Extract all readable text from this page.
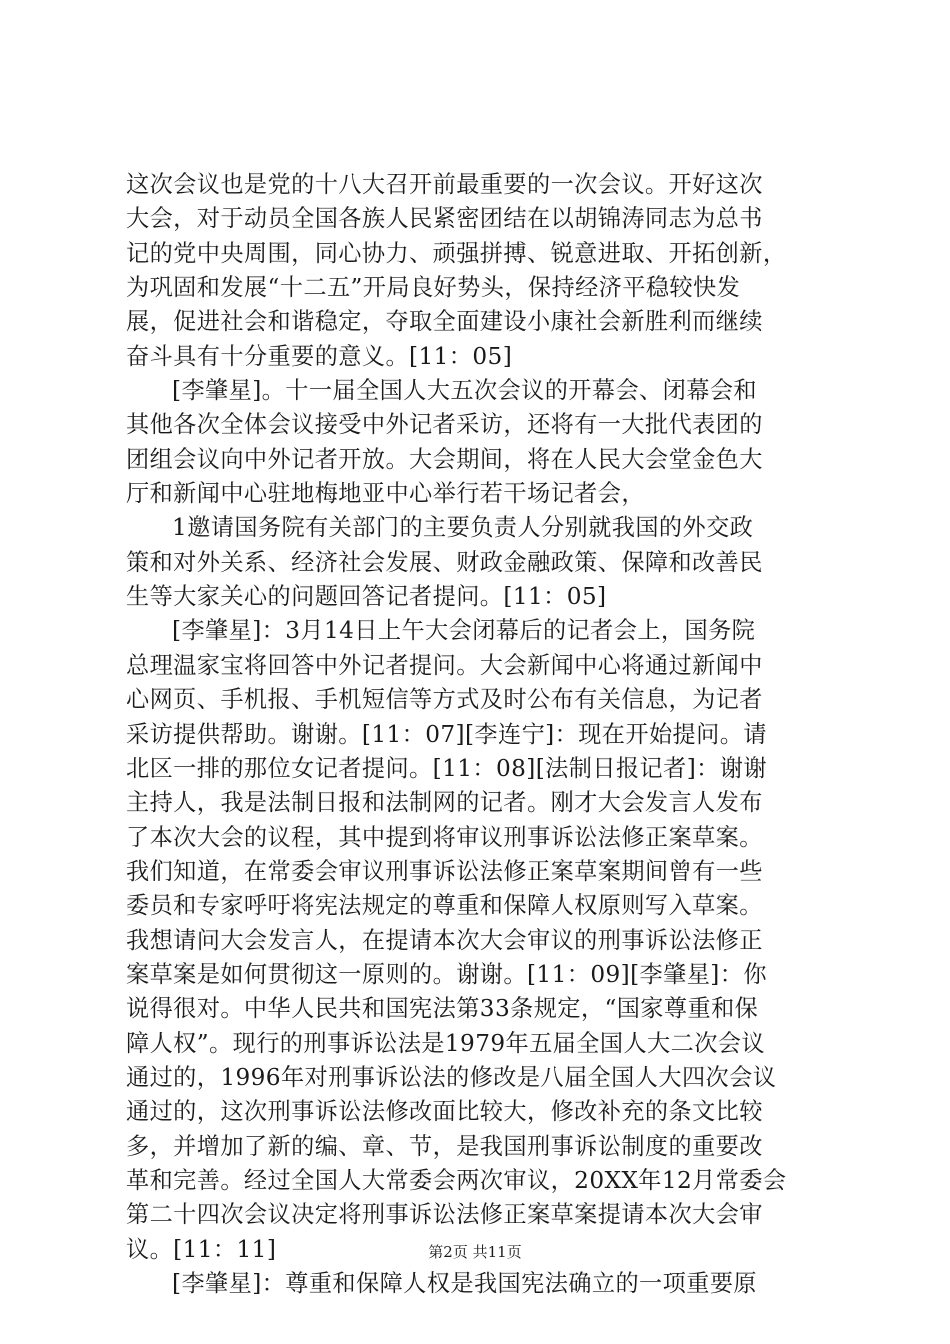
这次会议也是党的十八大召开前最重要的一次会议。开好这次
大会，对于动员全国各族人民紧密团结在以胡锦涛同志为总书
记的党中央周围，同心协力、顽强拼搏、锐意进取、开拓创新，
为巩固和发展“十二五”开局良好势头，保持经济平稳较快发
展，促进社会和谐稳定，夺取全面建设小康社会新胜利而继续
奋斗具有十分重要的意义。[11：05]
[李肇星]。十一届全国人大五次会议的开幕会、闭幕会和
其他各次全体会议接受中外记者采访，还将有一大批代表团的
团组会议向中外记者开放。大会期间，将在人民大会堂金色大
厅和新闻中心驻地梅地亚中心举行若干场记者会，
1邀请国务院有关部门的主要负责人分别就我国的外交政
策和对外关系、经济社会发展、财政金融政策、保障和改善民
生等大家关心的问题回答记者提问。[11：05]
[李肇星]：3月14日上午大会闭幕后的记者会上，国务院
总理温家宝将回答中外记者提问。大会新闻中心将通过新闻中
心网页、手机报、手机短信等方式及时公布有关信息，为记者
采访提供帮助。谢谢。[11：07][李连宁]：现在开始提问。请
北区一排的那位女记者提问。[11：08][法制日报记者]：谢谢
主持人，我是法制日报和法制网的记者。刚才大会发言人发布
了本次大会的议程，其中提到将审议刑事诉讼法修正案草案。
我们知道，在常委会审议刑事诉讼法修正案草案期间曾有一些
委员和专家呼吁将宪法规定的尊重和保障人权原则写入草案。
我想请问大会发言人，在提请本次大会审议的刑事诉讼法修正
案草案是如何贯彻这一原则的。谢谢。[11：09][李肇星]：你
说得很对。中华人民共和国宪法第33条规定，“国家尊重和保
障人权”。现行的刑事诉讼法是1979年五届全国人大二次会议
通过的，1996年对刑事诉讼法的修改是八届全国人大四次会议
通过的，这次刑事诉讼法修改面比较大，修改补充的条文比较
多，并增加了新的编、章、节，是我国刑事诉讼制度的重要改
革和完善。经过全国人大常委会两次审议，20XX年12月常委会
第二十四次会议决定将刑事诉讼法修正案草案提请本次大会审
议。[11：11]
[李肇星]：尊重和保障人权是我国宪法确立的一项重要原
第2页 共11页
